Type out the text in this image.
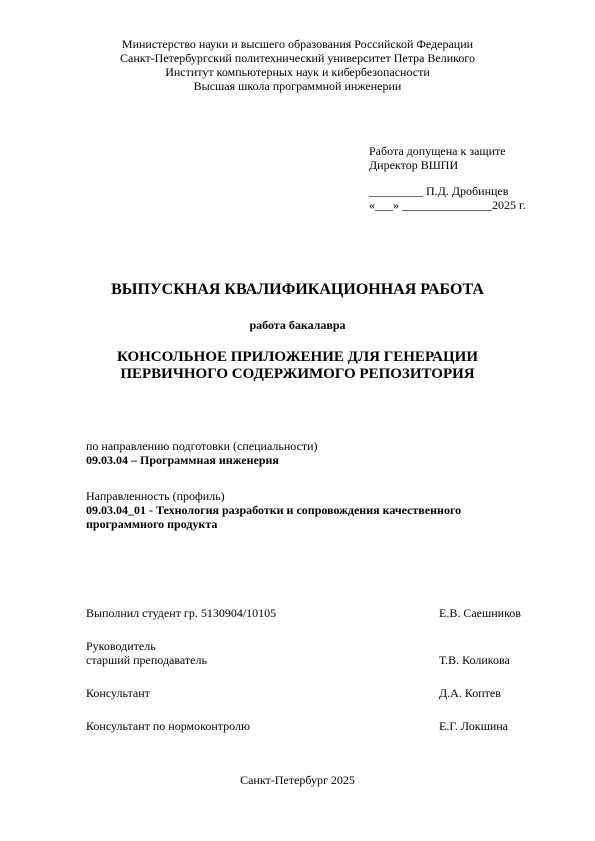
Министерство науки и высшего образования Российской Федерации
Санкт-Петербургский политехнический университет Петра Великого
Институт компьютерных наук и кибербезопасности
Высшая школа программной инженерии
Работа допущена к защите
Директор ВШПИ
_________ П.Д. Дробинцев
«___» _______________2025 г.
ВЫПУСКНАЯ КВАЛИФИКАЦИОННАЯ РАБОТА
работа бакалавра
КОНСОЛЬНОЕ ПРИЛОЖЕНИЕ ДЛЯ ГЕНЕРАЦИИ
ПЕРВИЧНОГО СОДЕРЖИМОГО РЕПОЗИТОРИЯ
по направлению подготовки (специальности)
09.03.04 – Программная инженерия
Направленность (профиль)
09.03.04_01 - Технология разработки и сопровождения качественного
программного продукта
Выполнил студент гр. 5130904/10105	Е.В. Саешников
Руководитель
старший преподаватель	Т.В. Коликова
Консультант	Д.А. Коптев
Консультант по нормоконтролю	Е.Г. Локшина
Санкт-Петербург 2025
